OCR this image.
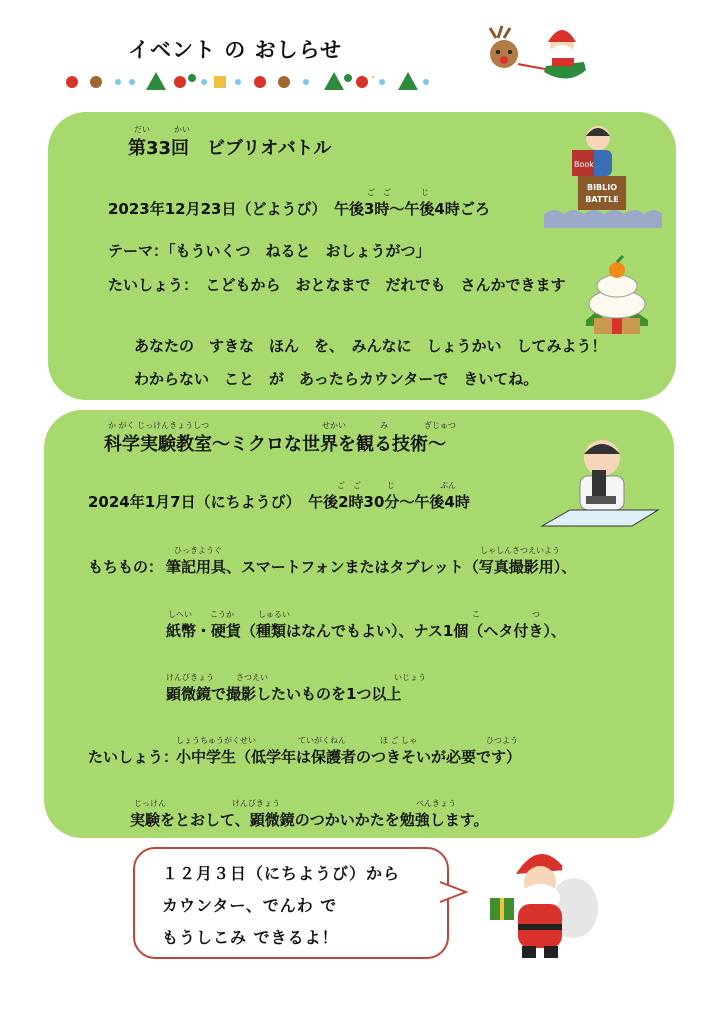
イベント の おしらせ
だい	かい
第33回　ビブリオバトル
Book
BIBLIO
BATTLE
ご　ご	じ
2023年12月23日（どようび）　午後3時～午後4時ごろ
テーマ：「もういくつ　ねると　おしょうがつ」
たいしょう：　こどもから　おとなまで　だれでも　さんかできます
あなたの　すきな　ほん　を、　みんなに　しょうかい　してみよう！
わからない　こと　が　あったらカウンターで　きいてね。
か がく じっけんきょうしつ	せかい	み	ぎじゅつ
科学実験教室～ミクロな世界を観る技術～
ご　ご	じ	ぷん
2024年1月7日（にちようび）　午後2時30分～午後4時
ひっきようぐ	しゃしんさつえいよう
もちもの： 筆記用具、スマートフォンまたはタブレット（写真撮影用）、
しへい こうか	しゅるい	こ	つ
紙幣・硬貨（種類はなんでもよい）、ナス1個（ヘタ付き）、
けんびきょう	さつえい	いじょう
顕微鏡で撮影したいものを1つ以上
しょうちゅうがくせい	ていがくねん	ほ ご しゃ	ひつよう
たいしょう：
小中学生（低学年は保護者のつきそいが必要です）
じっけん	けんびきょう	べんきょう
実験をとおして、顕微鏡のつかいかたを勉強します。
１２月３日（にちようび）から
カウンター、でんわ で
もうしこみ できるよ！
